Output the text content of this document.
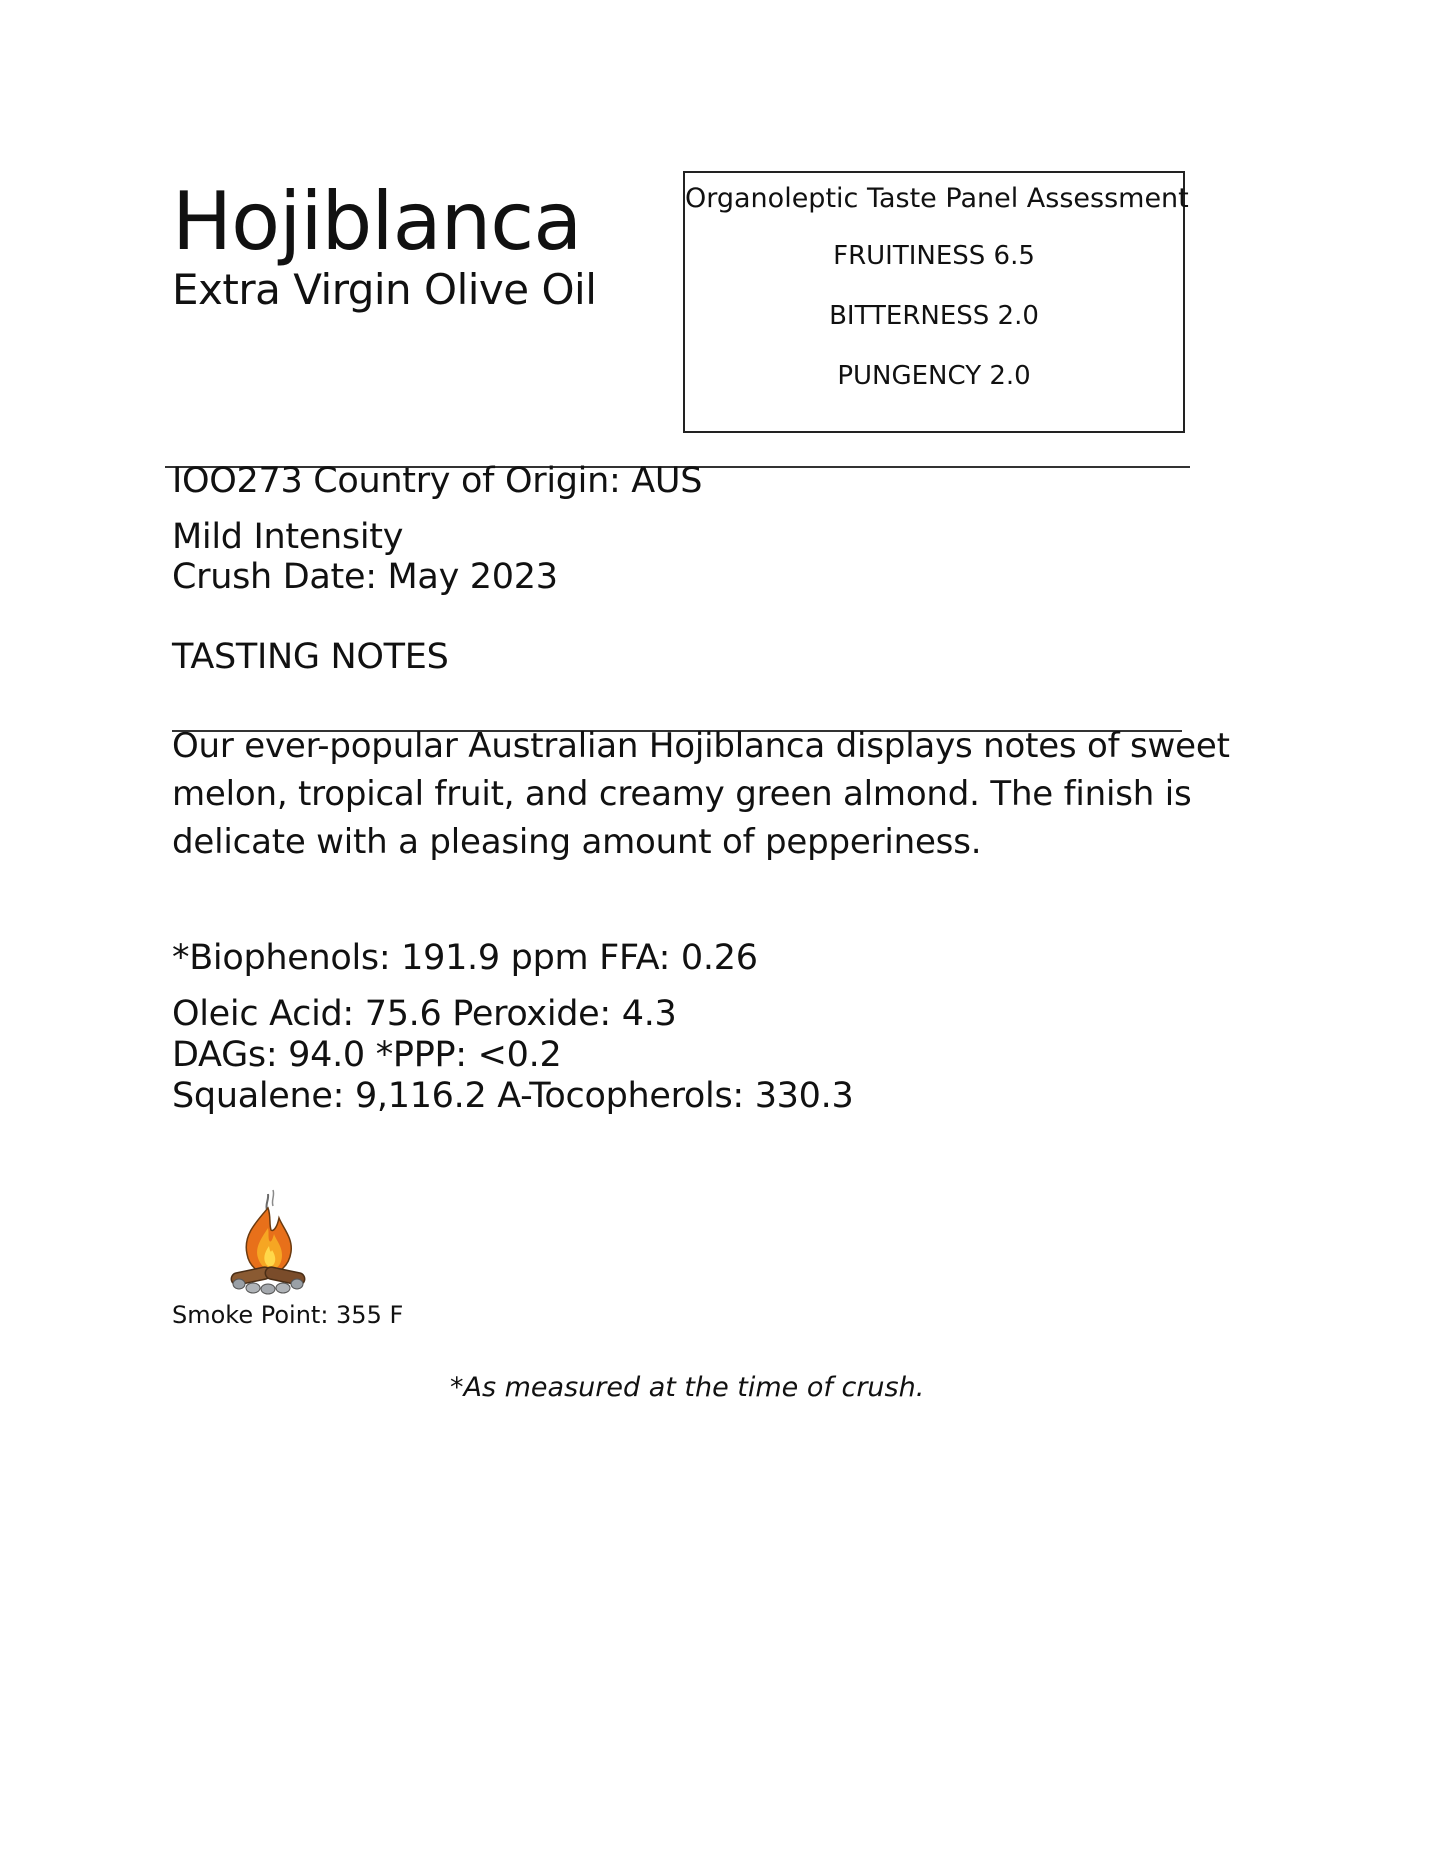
Hojiblanca
Extra Virgin Olive Oil
Organoleptic Taste Panel Assessment
FRUITINESS 6.5
BITTERNESS 2.0
PUNGENCY 2.0
IOO273 Country of Origin: AUS
Mild Intensity
Crush Date: May 2023
TASTING NOTES
Our ever-popular Australian Hojiblanca displays notes of sweet melon, tropical fruit, and creamy green almond. The finish is delicate with a pleasing amount of pepperiness.
*Biophenols: 191.9 ppm FFA: 0.26
Oleic Acid: 75.6 Peroxide: 4.3
DAGs: 94.0 *PPP: <0.2
Squalene: 9,116.2 A-Tocopherols: 330.3
Smoke Point: 355 F
*As measured at the time of crush.
